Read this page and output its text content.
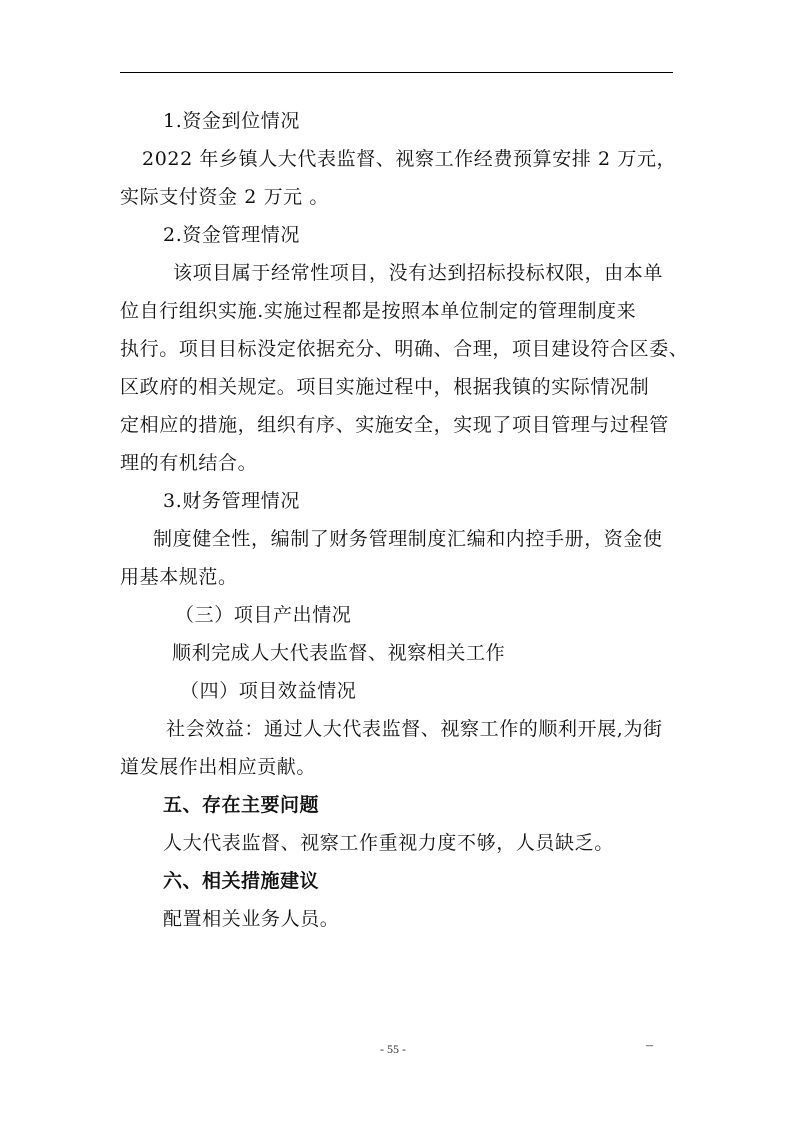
1.资金到位情况
2022 年乡镇人大代表监督、视察工作经费预算安排 2 万元，
实际支付资金 2 万元 。
2.资金管理情况
该项目属于经常性项目，没有达到招标投标权限，由本单
位自行组织实施.实施过程都是按照本单位制定的管理制度来
执行。项目目标没定依据充分、明确、合理，项目建设符合区委、
区政府的相关规定。项目实施过程中，根据我镇的实际情况制
定相应的措施，组织有序、实施安全，实现了项目管理与过程管
理的有机结合。
3.财务管理情况
制度健全性，编制了财务管理制度汇编和内控手册，资金使
用基本规范。
（三）项目产出情况
顺利完成人大代表监督、视察相关工作
（四）项目效益情况
社会效益：通过人大代表监督、视察工作的顺利开展,为街
道发展作出相应贡献。
五、存在主要问题
人大代表监督、视察工作重视力度不够，人员缺乏。
六、相关措施建议
配置相关业务人员。
- 55 -	–
